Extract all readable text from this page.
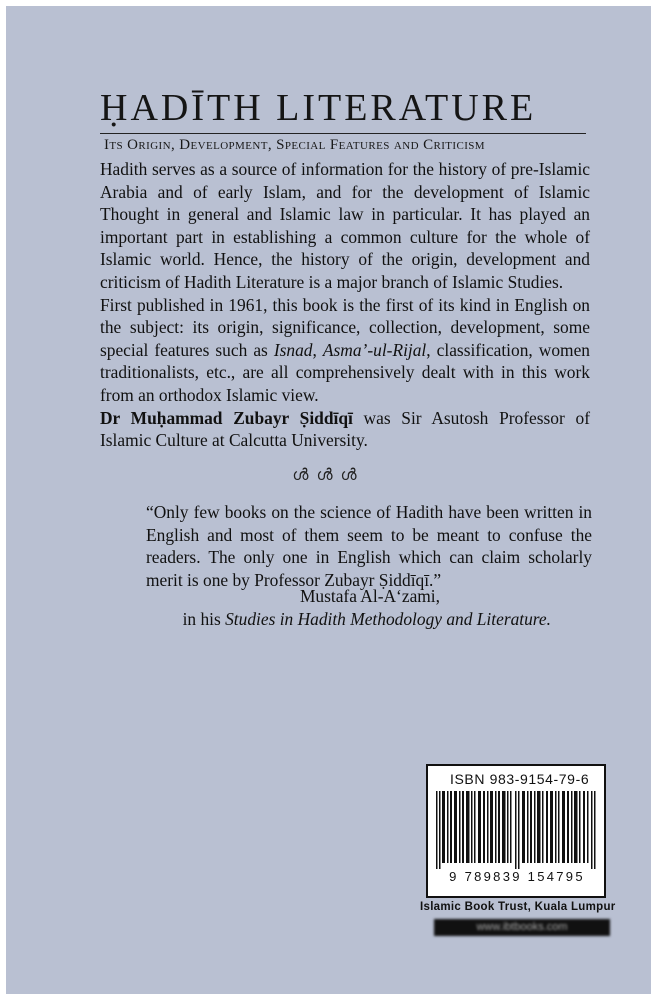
ḤADĪTH LITERATURE
Its Origin, Development, Special Features and Criticism

Hadith serves as a source of information for the history of pre-Islamic Arabia and of early Islam, and for the development of Islamic Thought in general and Islamic law in particular. It has played an important part in establishing a common culture for the whole of Islamic world. Hence, the history of the origin, development and criticism of Hadith Literature is a major branch of Islamic Studies.

First published in 1961, this book is the first of its kind in English on the subject: its origin, significance, collection, development, some special features such as Isnad, Asma’-ul-Rijal, classification, women traditionalists, etc., are all comprehensively dealt with in this work from an orthodox Islamic view.

Dr Muḥammad Zubayr Ṣiddīqī was Sir Asutosh Professor of Islamic Culture at Calcutta University.

ൾൾൾ

“Only few books on the science of Hadith have been written in English and most of them seem to be meant to confuse the readers. The only one in English which can claim scholarly merit is one by Professor Zubayr Ṣiddīqī.”

Mustafa Al-A‘zami,
in his Studies in Hadith Methodology and Literature.
ISBN 983-9154-79-6
9 789839 154795
Islamic Book Trust, Kuala Lumpur
www.ibtbooks.com
